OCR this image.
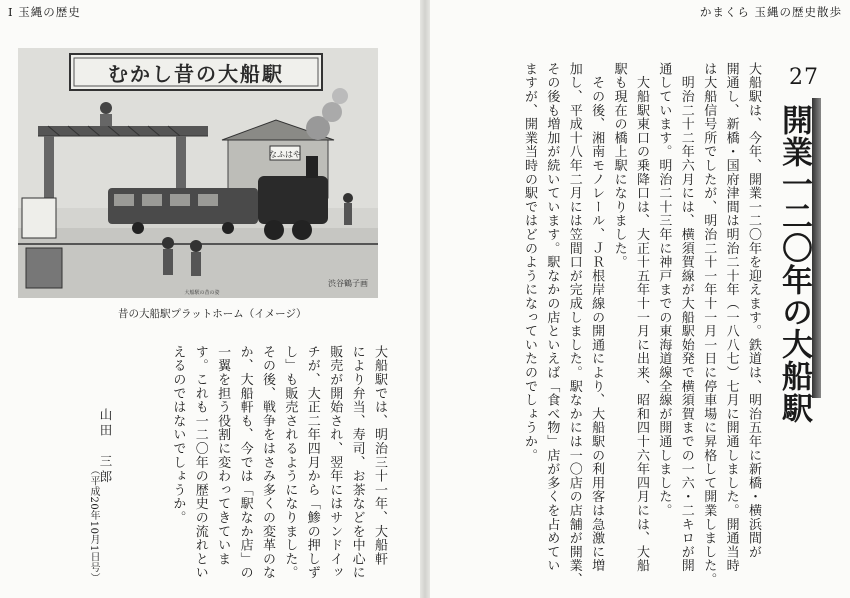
Ⅰ 玉縄の歴史	かまくら 玉縄の歴史散歩
むかし昔の大船駅
なふはや
渋谷鶴子画
大船駅の昔の姿
昔の大船駅プラットホーム（イメージ）
27
開業一二〇年の大船駅
大船駅は、今年、開業一二〇年を迎えます。鉄道は、明治五年に新橋・横浜間が
開通し、新橋・国府津間は明治二十年（一八八七）七月に開通しました。開通当時
は大船信号所でしたが、明治二十一年十一月一日に停車場に昇格して開業しました。
　明治二十二年六月には、横須賀線が大船駅始発で横須賀までの一六・二キロが開
通しています。明治二十三年に神戸までの東海道線全線が開通しました。
　大船駅東口の乗降口は、大正十五年十一月に出来、昭和四十六年四月には、大船
駅も現在の橋上駅になりました。
　その後、湘南モノレール、ＪＲ根岸線の開通により、大船駅の利用客は急激に増
加し、平成十八年二月には笠間口が完成しました。駅なかには一〇店の店舗が開業、
その後も増加が続いています。駅なかの店といえば「食べ物」店が多くを占めてい
ますが、開業当時の駅ではどのようになっていたのでしょうか。
大船駅では、明治三十一年、大船軒
により弁当、寿司、お茶などを中心に
販売が開始され、翌年にはサンドイッ
チが、大正二年四月から「鯵の押しず
し」も販売されるようになりました。
その後、戦争をはさみ多くの変革のな
か、大船軒も、今では「駅なか店」の
一翼を担う役割に変わってきていま
す。これも一二〇年の歴史の流れとい
えるのではないでしょうか。
山田　三郎
（平成20年10月1日号）
